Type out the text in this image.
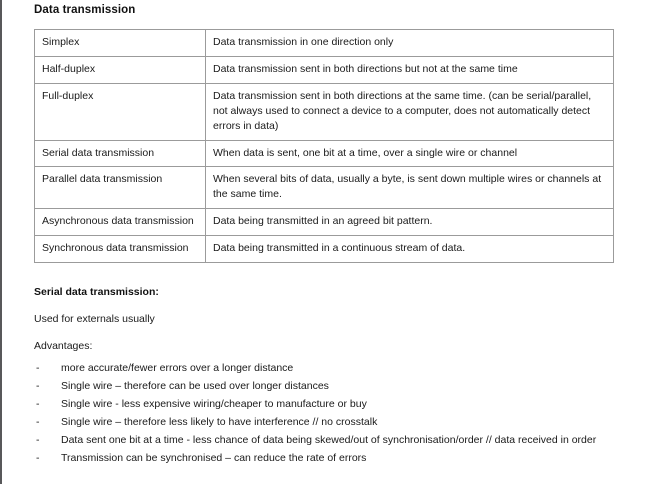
Data transmission
Simplex	Data transmission in one direction only
Half-duplex	Data transmission sent in both directions but not at the same time
Full-duplex	Data transmission sent in both directions at the same time. (can be serial/parallel, not always used to connect a device to a computer, does not automatically detect errors in data)
Serial data transmission	When data is sent, one bit at a time, over a single wire or channel
Parallel data transmission	When several bits of data, usually a byte, is sent down multiple wires or channels at the same time.
Asynchronous data transmission	Data being transmitted in an agreed bit pattern.
Synchronous data transmission	Data being transmitted in a continuous stream of data.

Serial data transmission:

Used for externals usually

Advantages:

- more accurate/fewer errors over a longer distance
- Single wire – therefore can be used over longer distances
- Single wire - less expensive wiring/cheaper to manufacture or buy
- Single wire – therefore less likely to have interference // no crosstalk
- Data sent one bit at a time - less chance of data being skewed/out of synchronisation/order // data received in order
- Transmission can be synchronised – can reduce the rate of errors
